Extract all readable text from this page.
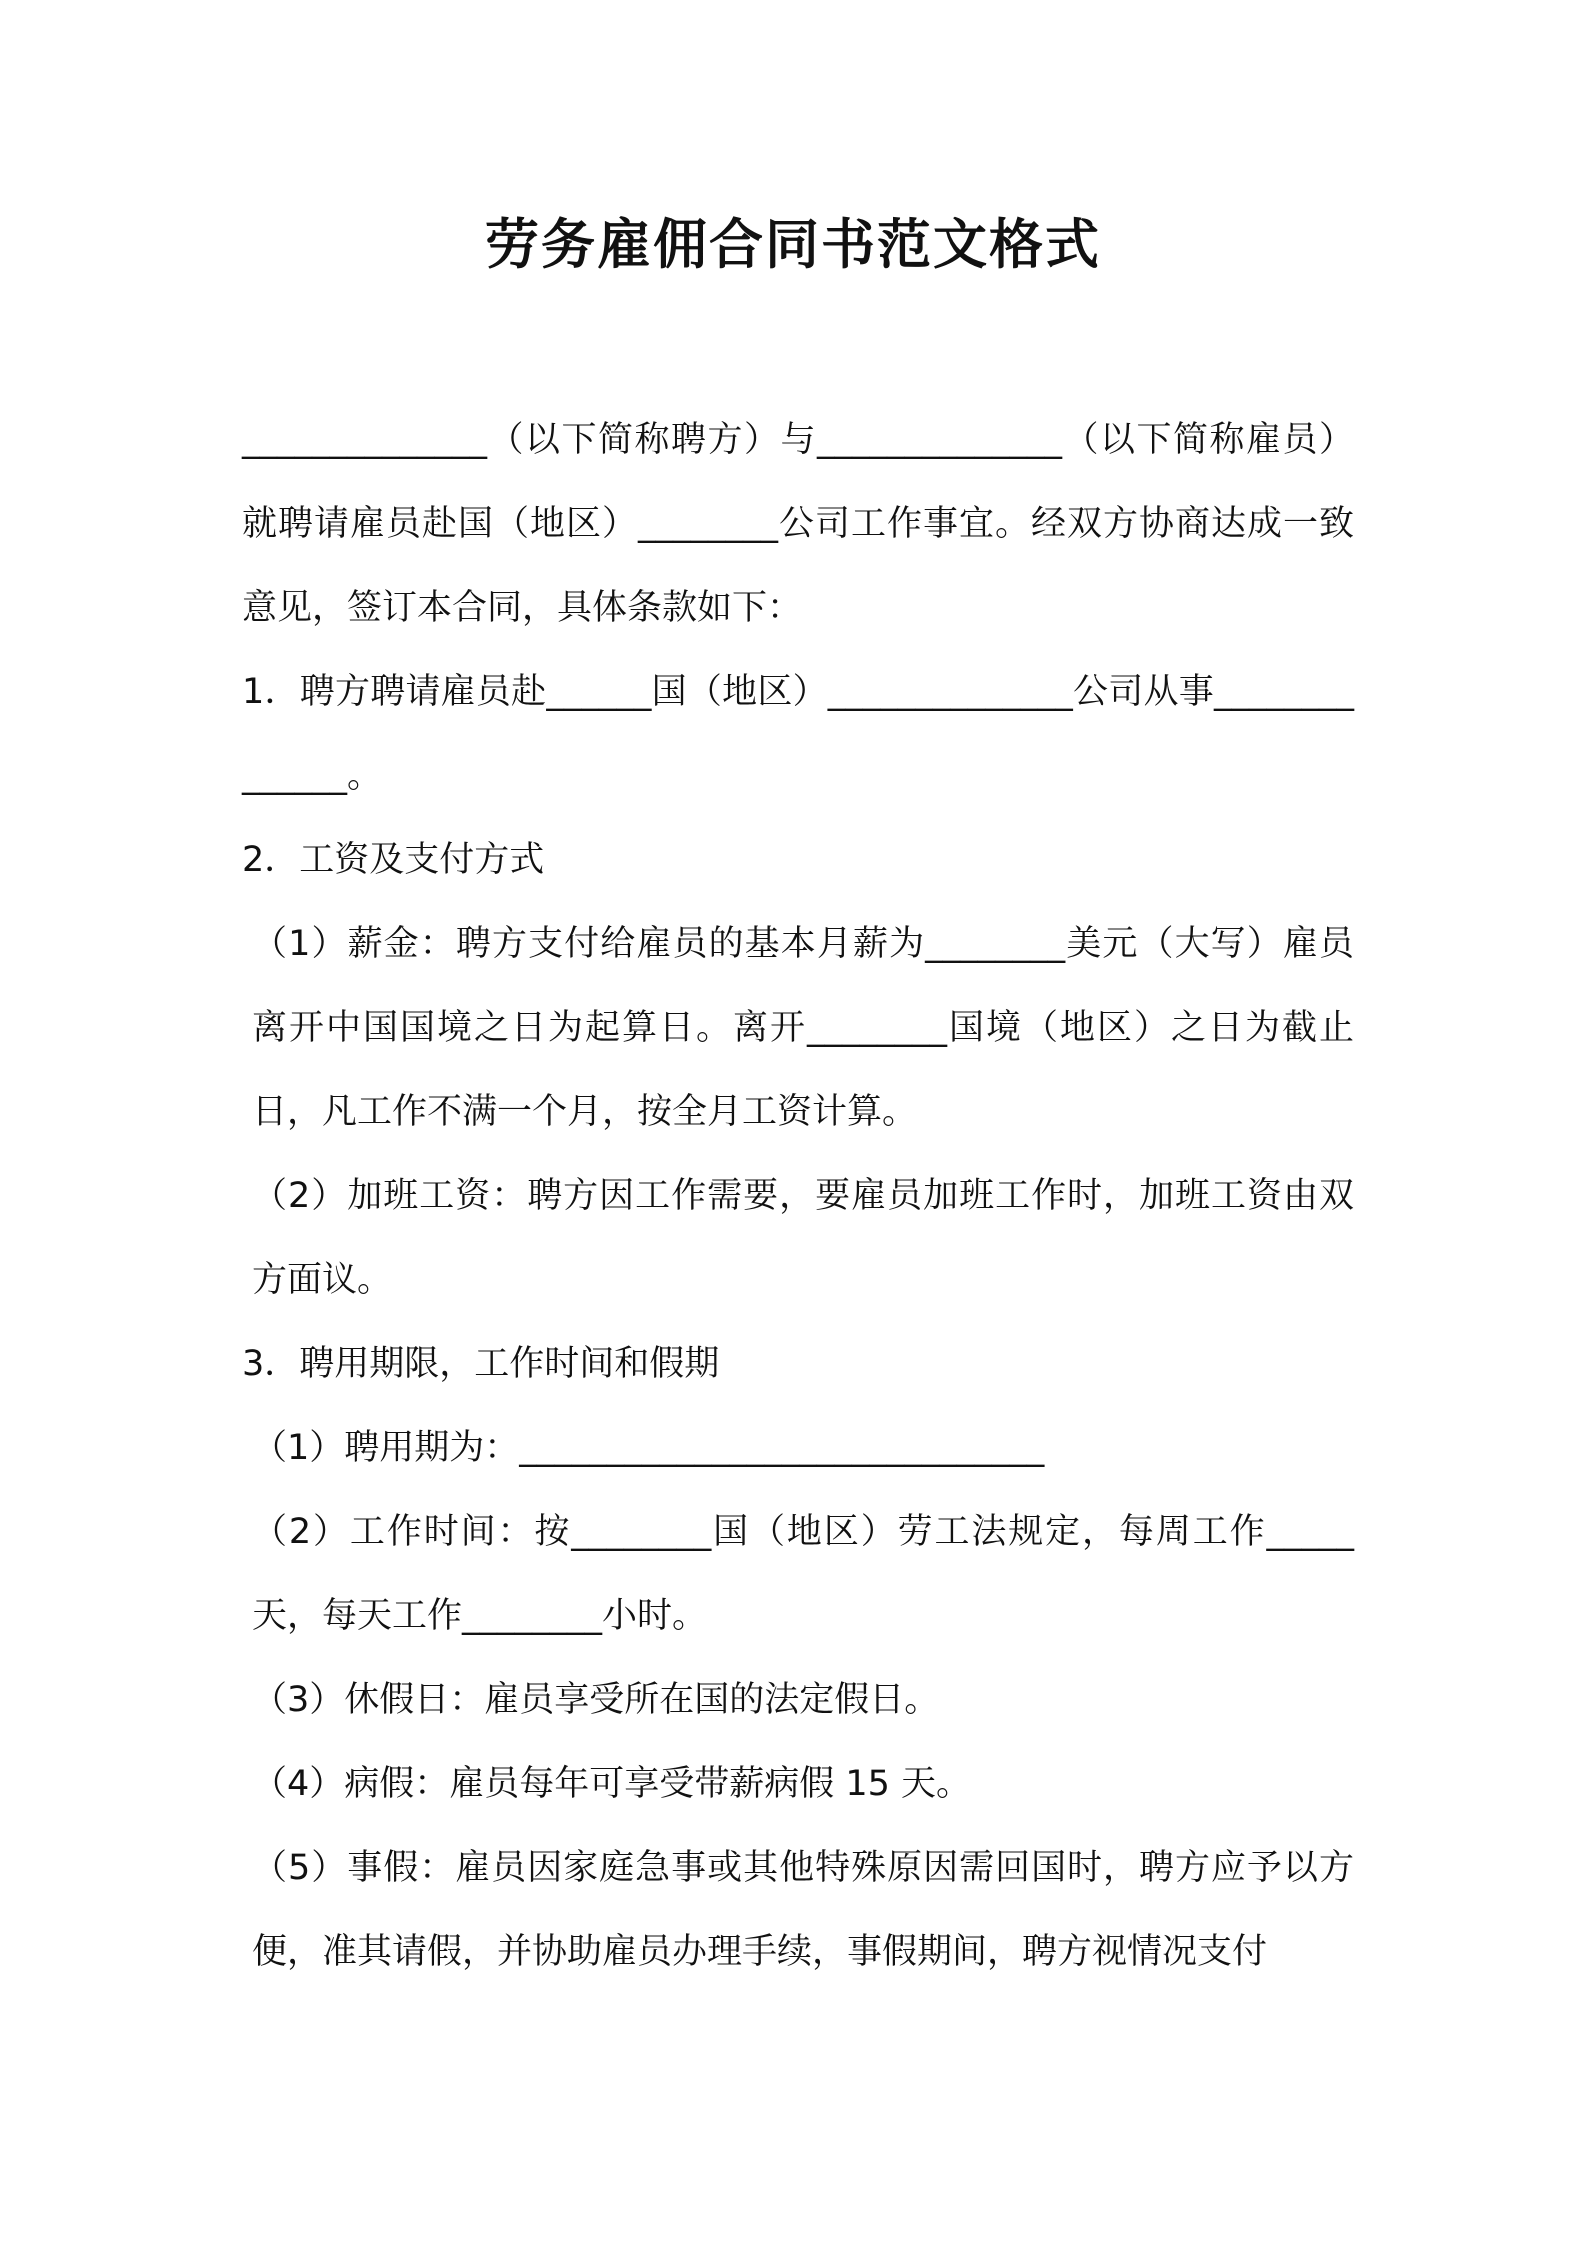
劳务雇佣合同书范文格式

______________（以下简称聘方）与______________（以下简称雇员）就聘请雇员赴国（地区）________公司工作事宜。经双方协商达成一致意见，签订本合同，具体条款如下：

1．聘方聘请雇员赴______国（地区）______________公司从事______________。

2．工资及支付方式

（1）薪金：聘方支付给雇员的基本月薪为________美元（大写）雇员离开中国国境之日为起算日。离开________国境（地区）之日为截止日，凡工作不满一个月，按全月工资计算。

（2）加班工资：聘方因工作需要，要雇员加班工作时，加班工资由双方面议。

3．聘用期限，工作时间和假期

（1）聘用期为：______________________________

（2）工作时间：按________国（地区）劳工法规定，每周工作_____天，每天工作________小时。

（3）休假日：雇员享受所在国的法定假日。

（4）病假：雇员每年可享受带薪病假 15 天。

（5）事假：雇员因家庭急事或其他特殊原因需回国时，聘方应予以方便，准其请假，并协助雇员办理手续，事假期间，聘方视情况支付
